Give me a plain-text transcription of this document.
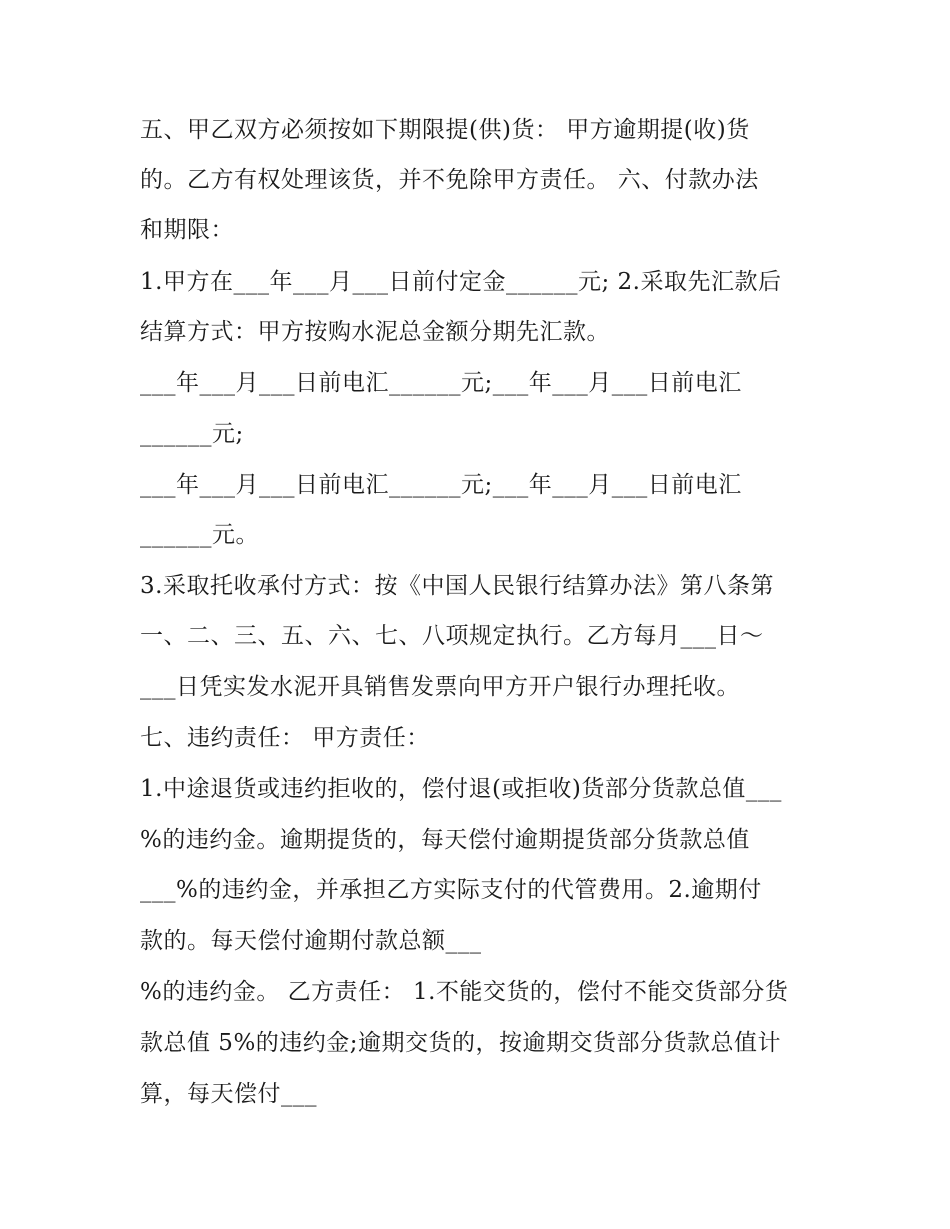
五、甲乙双方必须按如下期限提(供)货： 甲方逾期提(收)货
的。乙方有权处理该货，并不免除甲方责任。 六、付款办法
和期限：
1.甲方在___年___月___日前付定金______元; 2.采取先汇款后
结算方式：甲方按购水泥总金额分期先汇款。
___年___月___日前电汇______元;___年___月___日前电汇
______元;
___年___月___日前电汇______元;___年___月___日前电汇
______元。
3.采取托收承付方式：按《中国人民银行结算办法》第八条第
一、二、三、五、六、七、八项规定执行。乙方每月___日～
___日凭实发水泥开具销售发票向甲方开户银行办理托收。
七、违约责任： 甲方责任：
1.中途退货或违约拒收的，偿付退(或拒收)货部分货款总值___
%的违约金。逾期提货的，每天偿付逾期提货部分货款总值
___%的违约金，并承担乙方实际支付的代管费用。2.逾期付
款的。每天偿付逾期付款总额___
%的违约金。 乙方责任： 1.不能交货的，偿付不能交货部分货
款总值 5%的违约金;逾期交货的，按逾期交货部分货款总值计
算，每天偿付___
